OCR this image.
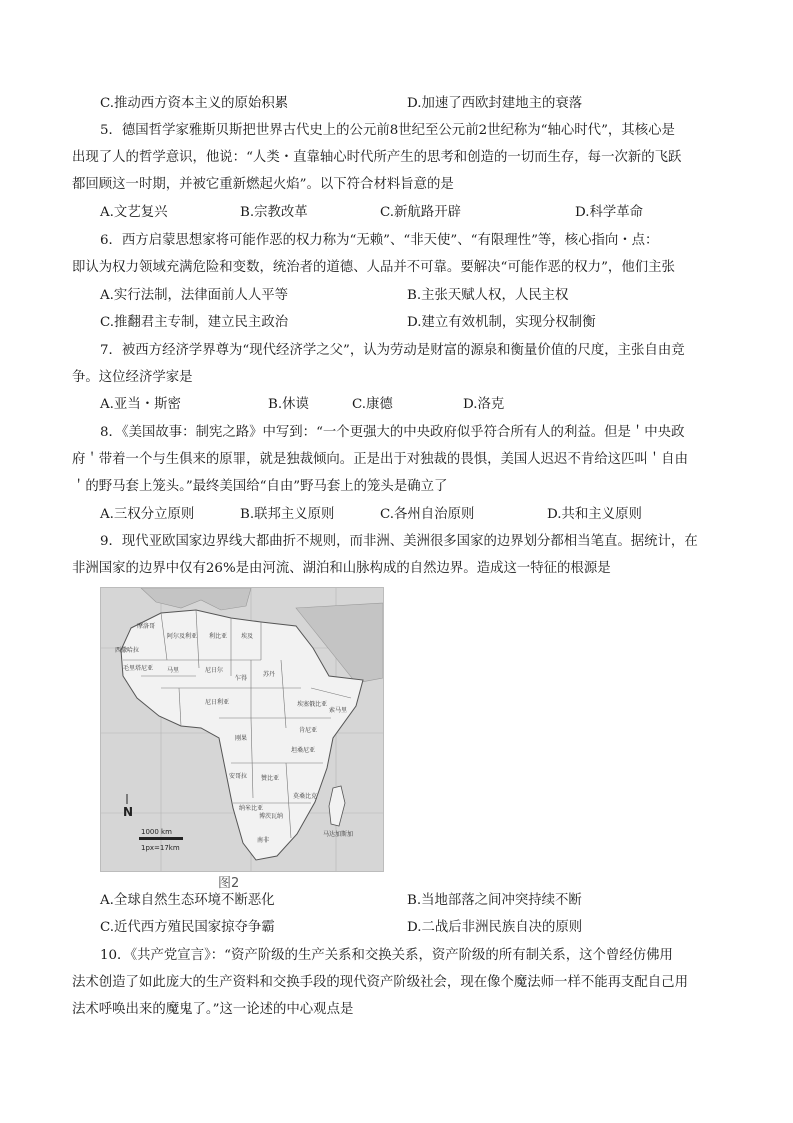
C.推动西方资本主义的原始积累	D.加速了西欧封建地主的衰落
5．德国哲学家雅斯贝斯把世界古代史上的公元前8世纪至公元前2世纪称为“轴心时代”，其核心是
出现了人的哲学意识，他说：“人类・直靠轴心时代所产生的思考和创造的一切而生存，每一次新的飞跃
都回顾这一时期，并被它重新燃起火焰”。以下符合材料旨意的是
A.文艺复兴	B.宗教改革	C.新航路开辟	D.科学革命
6．西方启蒙思想家将可能作恶的权力称为“无赖”、“非天使”、“有限理性”等，核心指向・点：
即认为权力领域充满危险和变数，统治者的道德、人品并不可靠。要解决“可能作恶的权力”，他们主张
A.实行法制，法律面前人人平等	B.主张天赋人权，人民主权
C.推翻君主专制，建立民主政治	D.建立有效机制，实现分权制衡
7．被西方经济学界尊为“现代经济学之父”，认为劳动是财富的源泉和衡量价值的尺度，主张自由竞
争。这位经济学家是
A.亚当・斯密	B.休谟	C.康德	D.洛克
8．《美国故事：制宪之路》中写到：“一个更强大的中央政府似乎符合所有人的利益。但是＇中央政
府＇带着一个与生俱来的原罪，就是独裁倾向。正是出于对独裁的畏惧，美国人迟迟不肯给这匹叫＇自由
＇的野马套上笼头。”最终美国给“自由”野马套上的笼头是确立了
A.三权分立原则	B.联邦主义原则	C.各州自治原则	D.共和主义原则
9．现代亚欧国家边界线大都曲折不规则，而非洲、美洲很多国家的边界划分都相当笔直。据统计，在
非洲国家的边界中仅有26%是由河流、湖泊和山脉构成的自然边界。造成这一特征的根源是
摩洛哥
阿尔及利亚 利比亚 埃及
西撒哈拉
毛里塔尼亚 马里	尼日尔
乍得
苏丹
埃塞俄比亚
尼日利亚
刚果
安哥拉 赞比亚
纳米比亚
博茨瓦纳
南非
马达加斯加
莫桑比克
坦桑尼亚
肯尼亚
索马里
N
1000 km
1px=17km
图2
A.全球自然生态环境不断恶化	B.当地部落之间冲突持续不断
C.近代西方殖民国家掠夺争霸	D.二战后非洲民族自决的原则
10．《共产党宣言》：“资产阶级的生产关系和交换关系，资产阶级的所有制关系，这个曾经仿佛用
法术创造了如此庞大的生产资料和交换手段的现代资产阶级社会，现在像个魔法师一样不能再支配自己用
法术呼唤出来的魔鬼了。”这一论述的中心观点是
